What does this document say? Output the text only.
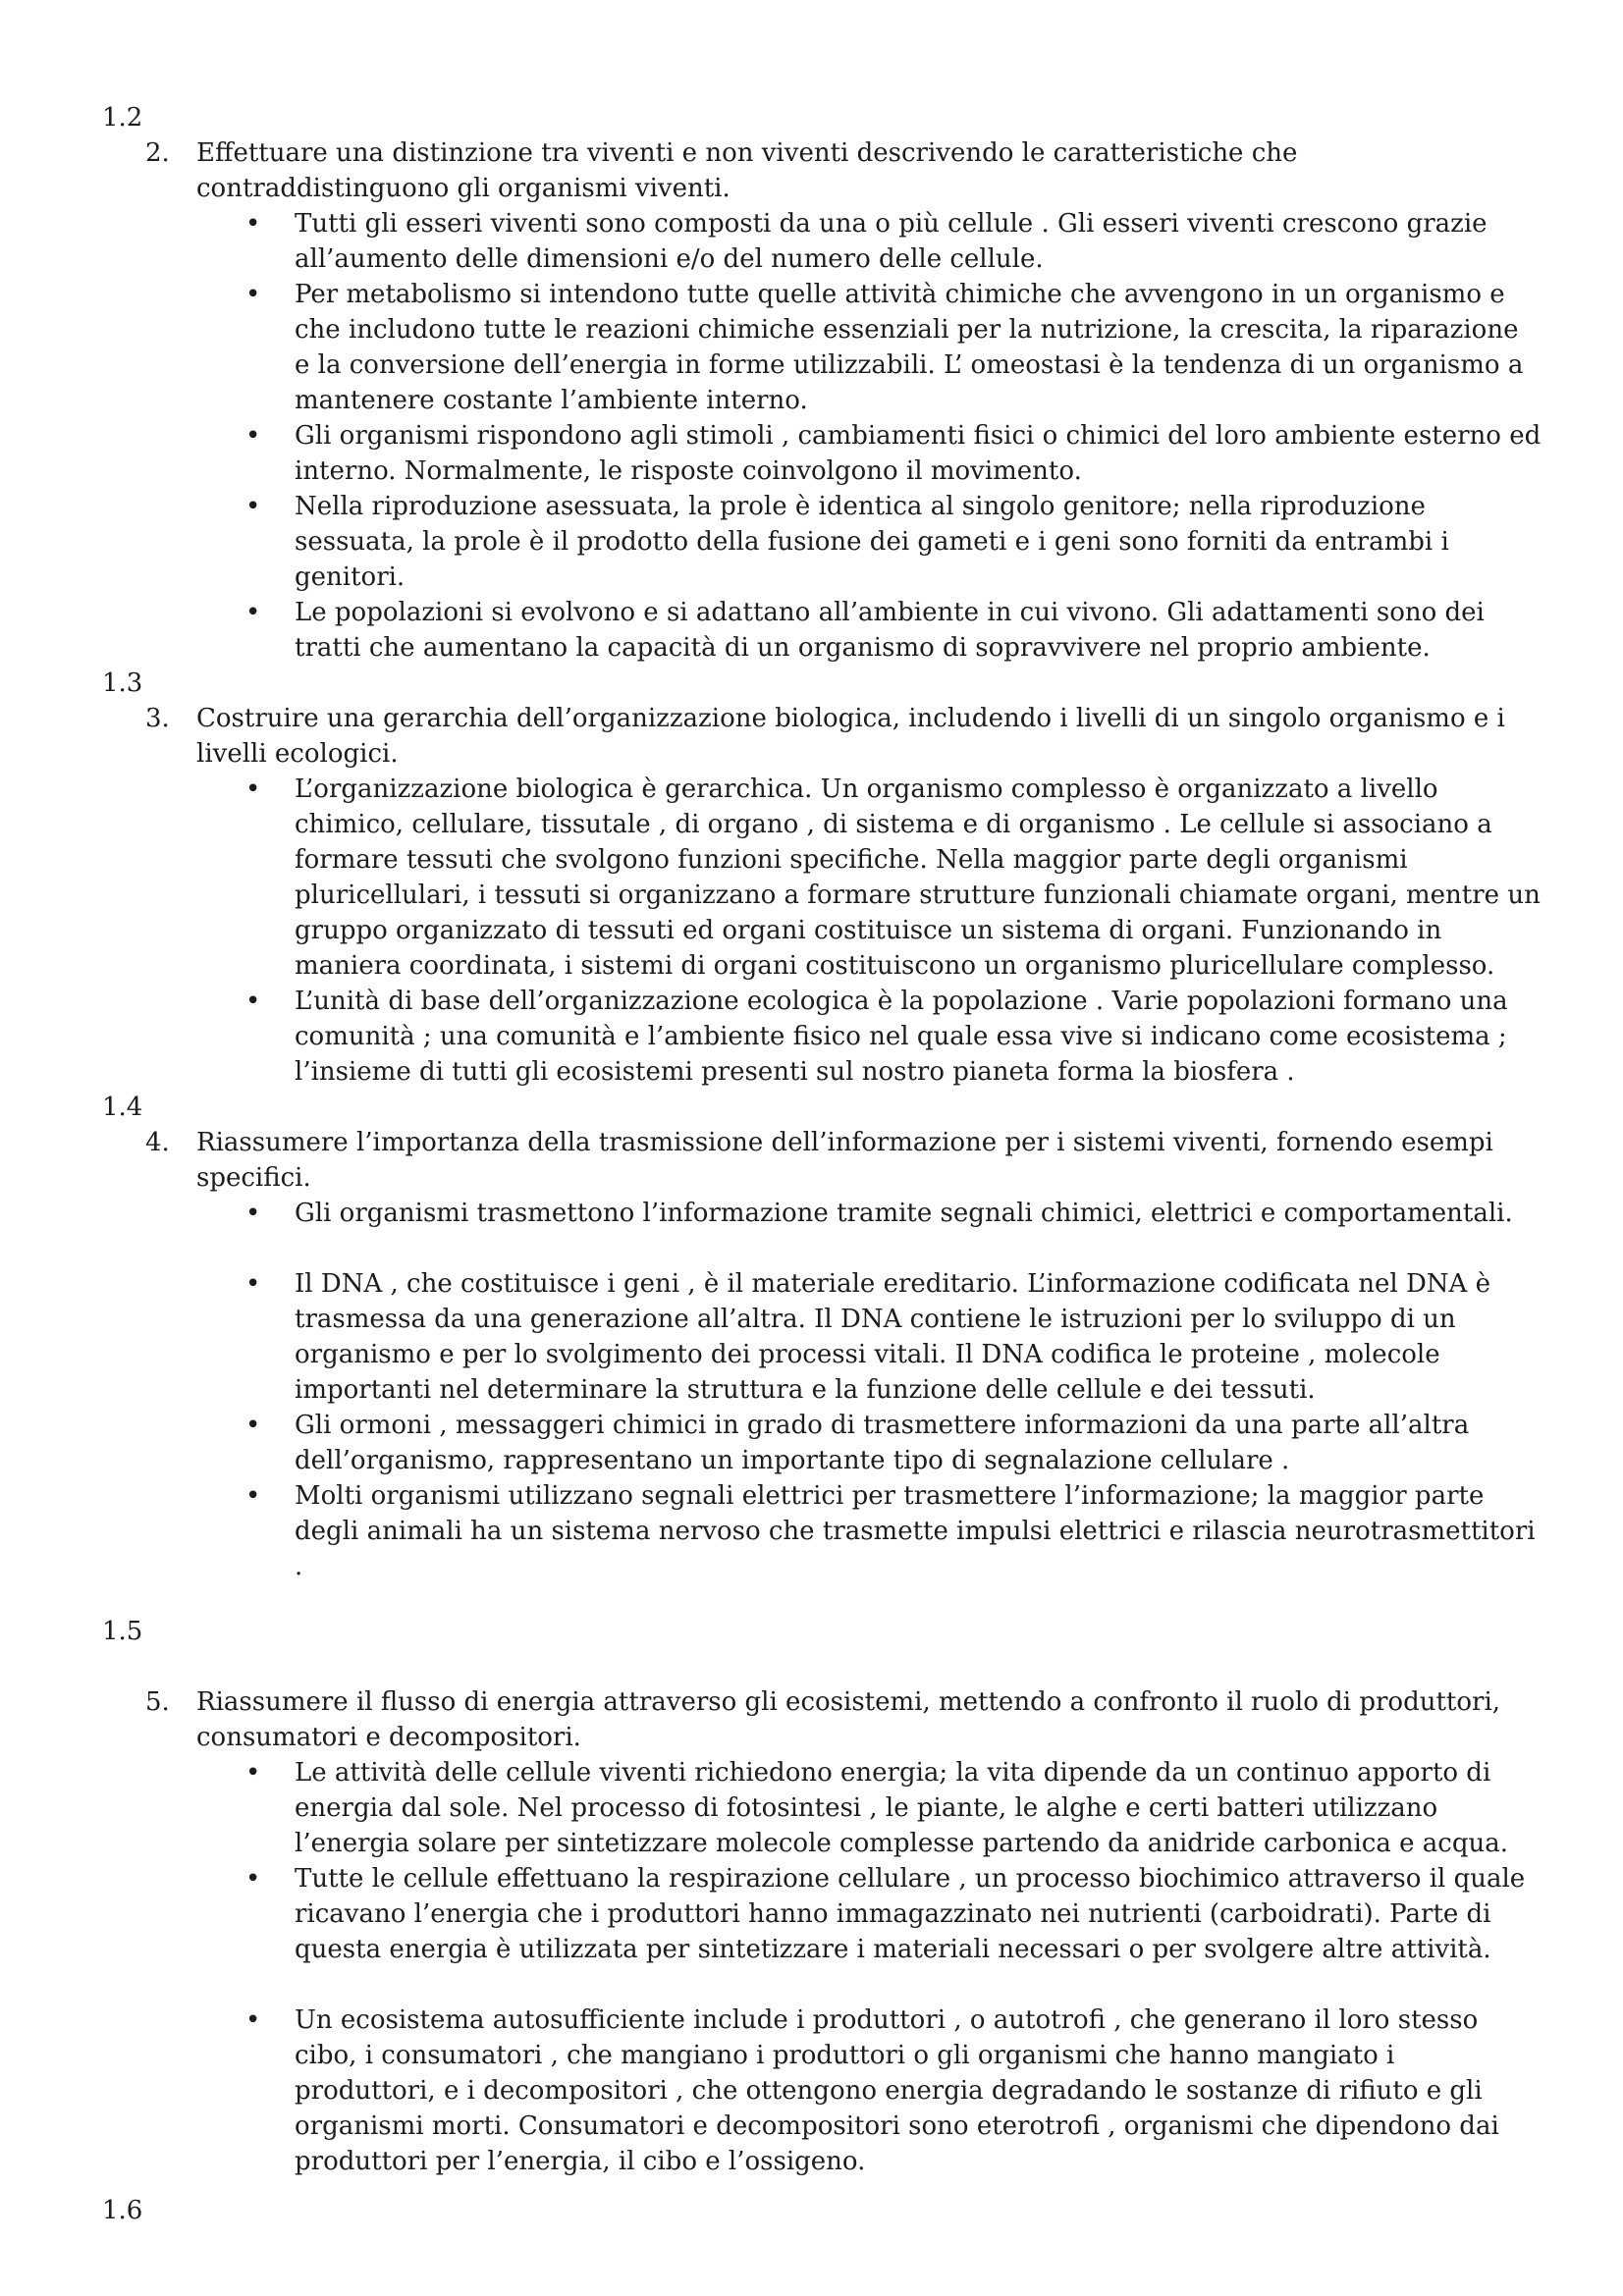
1.2
2. Effettuare una distinzione tra viventi e non viventi descrivendo le caratteristiche che contraddistinguono gli organismi viventi.
• Tutti gli esseri viventi sono composti da una o più cellule . Gli esseri viventi crescono grazie all’aumento delle dimensioni e/o del numero delle cellule.
• Per metabolismo si intendono tutte quelle attività chimiche che avvengono in un organismo e che includono tutte le reazioni chimiche essenziali per la nutrizione, la crescita, la riparazione e la conversione dell’energia in forme utilizzabili. L’ omeostasi è la tendenza di un organismo a mantenere costante l’ambiente interno.
• Gli organismi rispondono agli stimoli , cambiamenti fisici o chimici del loro ambiente esterno ed interno. Normalmente, le risposte coinvolgono il movimento.
• Nella riproduzione asessuata, la prole è identica al singolo genitore; nella riproduzione sessuata, la prole è il prodotto della fusione dei gameti e i geni sono forniti da entrambi i genitori.
• Le popolazioni si evolvono e si adattano all’ambiente in cui vivono. Gli adattamenti sono dei tratti che aumentano la capacità di un organismo di sopravvivere nel proprio ambiente.
1.3
3. Costruire una gerarchia dell’organizzazione biologica, includendo i livelli di un singolo organismo e i livelli ecologici.
• L’organizzazione biologica è gerarchica. Un organismo complesso è organizzato a livello chimico, cellulare, tissutale , di organo , di sistema e di organismo . Le cellule si associano a formare tessuti che svolgono funzioni specifiche. Nella maggior parte degli organismi pluricellulari, i tessuti si organizzano a formare strutture funzionali chiamate organi, mentre un gruppo organizzato di tessuti ed organi costituisce un sistema di organi. Funzionando in maniera coordinata, i sistemi di organi costituiscono un organismo pluricellulare complesso.
• L’unità di base dell’organizzazione ecologica è la popolazione . Varie popolazioni formano una comunità ; una comunità e l’ambiente fisico nel quale essa vive si indicano come ecosistema ; l’insieme di tutti gli ecosistemi presenti sul nostro pianeta forma la biosfera .
1.4
4. Riassumere l’importanza della trasmissione dell’informazione per i sistemi viventi, fornendo esempi specifici.
• Gli organismi trasmettono l’informazione tramite segnali chimici, elettrici e comportamentali.
• Il DNA , che costituisce i geni , è il materiale ereditario. L’informazione codificata nel DNA è trasmessa da una generazione all’altra. Il DNA contiene le istruzioni per lo sviluppo di un organismo e per lo svolgimento dei processi vitali. Il DNA codifica le proteine , molecole importanti nel determinare la struttura e la funzione delle cellule e dei tessuti.
• Gli ormoni , messaggeri chimici in grado di trasmettere informazioni da una parte all’altra dell’organismo, rappresentano un importante tipo di segnalazione cellulare .
• Molti organismi utilizzano segnali elettrici per trasmettere l’informazione; la maggior parte degli animali ha un sistema nervoso che trasmette impulsi elettrici e rilascia neurotrasmettitori .
1.5
5. Riassumere il flusso di energia attraverso gli ecosistemi, mettendo a confronto il ruolo di produttori, consumatori e decompositori.
• Le attività delle cellule viventi richiedono energia; la vita dipende da un continuo apporto di energia dal sole. Nel processo di fotosintesi , le piante, le alghe e certi batteri utilizzano l’energia solare per sintetizzare molecole complesse partendo da anidride carbonica e acqua.
• Tutte le cellule effettuano la respirazione cellulare , un processo biochimico attraverso il quale ricavano l’energia che i produttori hanno immagazzinato nei nutrienti (carboidrati). Parte di questa energia è utilizzata per sintetizzare i materiali necessari o per svolgere altre attività.
• Un ecosistema autosufficiente include i produttori , o autotrofi , che generano il loro stesso cibo, i consumatori , che mangiano i produttori o gli organismi che hanno mangiato i produttori, e i decompositori , che ottengono energia degradando le sostanze di rifiuto e gli organismi morti. Consumatori e decompositori sono eterotrofi , organismi che dipendono dai produttori per l’energia, il cibo e l’ossigeno.
1.6
